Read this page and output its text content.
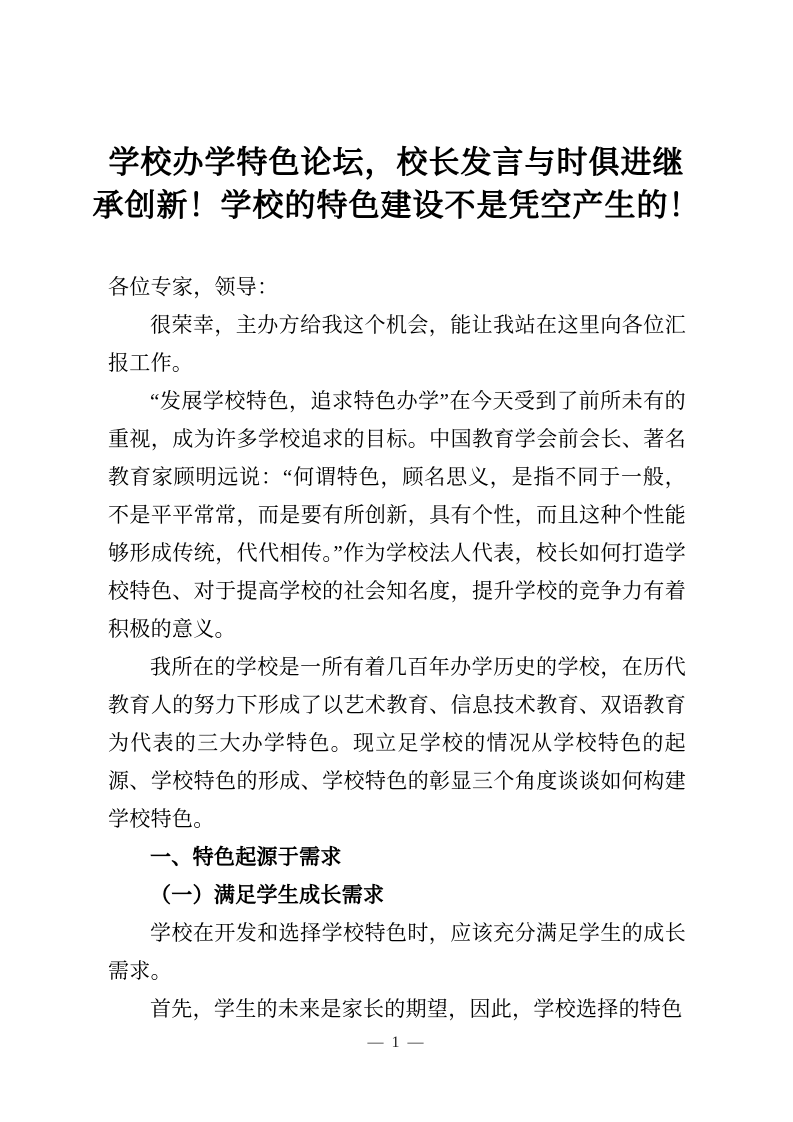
学校办学特色论坛，校长发言与时俱进继
承创新！学校的特色建设不是凭空产生的！

各位专家，领导：

很荣幸，主办方给我这个机会，能让我站在这里向各位汇报工作。

“发展学校特色，追求特色办学”在今天受到了前所未有的重视，成为许多学校追求的目标。中国教育学会前会长、著名教育家顾明远说：“何谓特色，顾名思义，是指不同于一般，不是平平常常，而是要有所创新，具有个性，而且这种个性能够形成传统，代代相传。”作为学校法人代表，校长如何打造学校特色、对于提高学校的社会知名度，提升学校的竞争力有着积极的意义。

我所在的学校是一所有着几百年办学历史的学校，在历代教育人的努力下形成了以艺术教育、信息技术教育、双语教育为代表的三大办学特色。现立足学校的情况从学校特色的起源、学校特色的形成、学校特色的彰显三个角度谈谈如何构建学校特色。

一、特色起源于需求

（一）满足学生成长需求

学校在开发和选择学校特色时，应该充分满足学生的成长需求。

首先，学生的未来是家长的期望，因此，学校选择的特色

— 1 —
